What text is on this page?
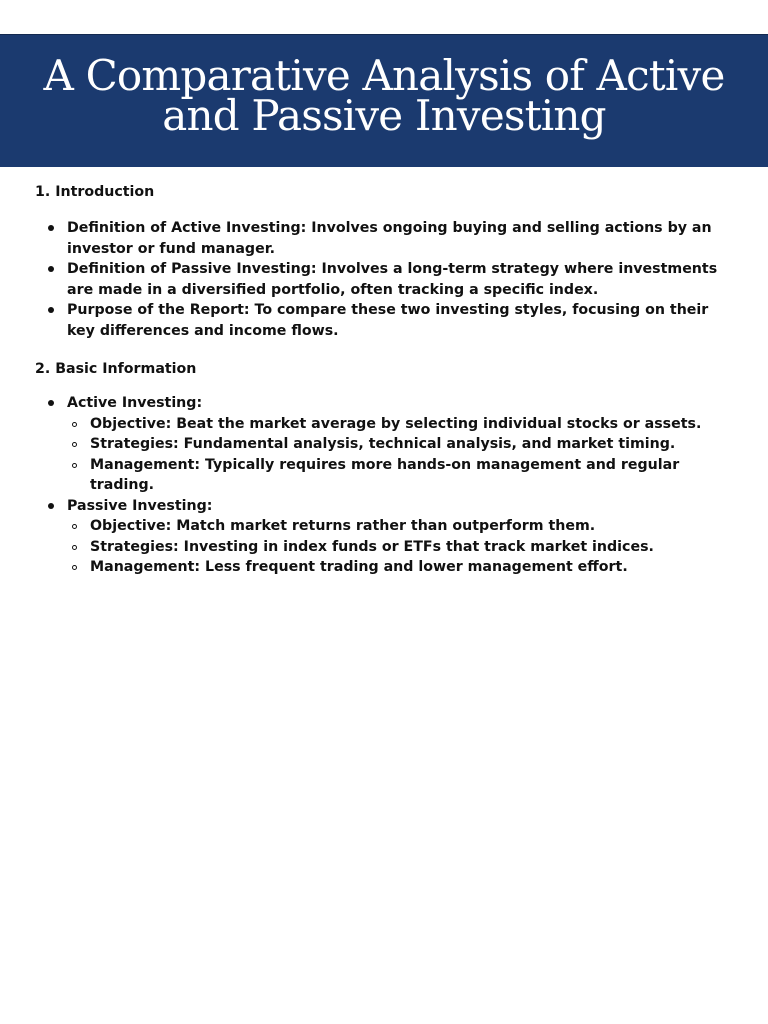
A Comparative Analysis of Active
and Passive Investing

1. Introduction

Definition of Active Investing: Involves ongoing buying and selling actions by an investor or fund manager.
Definition of Passive Investing: Involves a long-term strategy where investments are made in a diversified portfolio, often tracking a specific index.
Purpose of the Report: To compare these two investing styles, focusing on their key differences and income flows.

2. Basic Information

Active Investing:
Objective: Beat the market average by selecting individual stocks or assets.
Strategies: Fundamental analysis, technical analysis, and market timing.
Management: Typically requires more hands-on management and regular trading.
Passive Investing:
Objective: Match market returns rather than outperform them.
Strategies: Investing in index funds or ETFs that track market indices.
Management: Less frequent trading and lower management effort.
